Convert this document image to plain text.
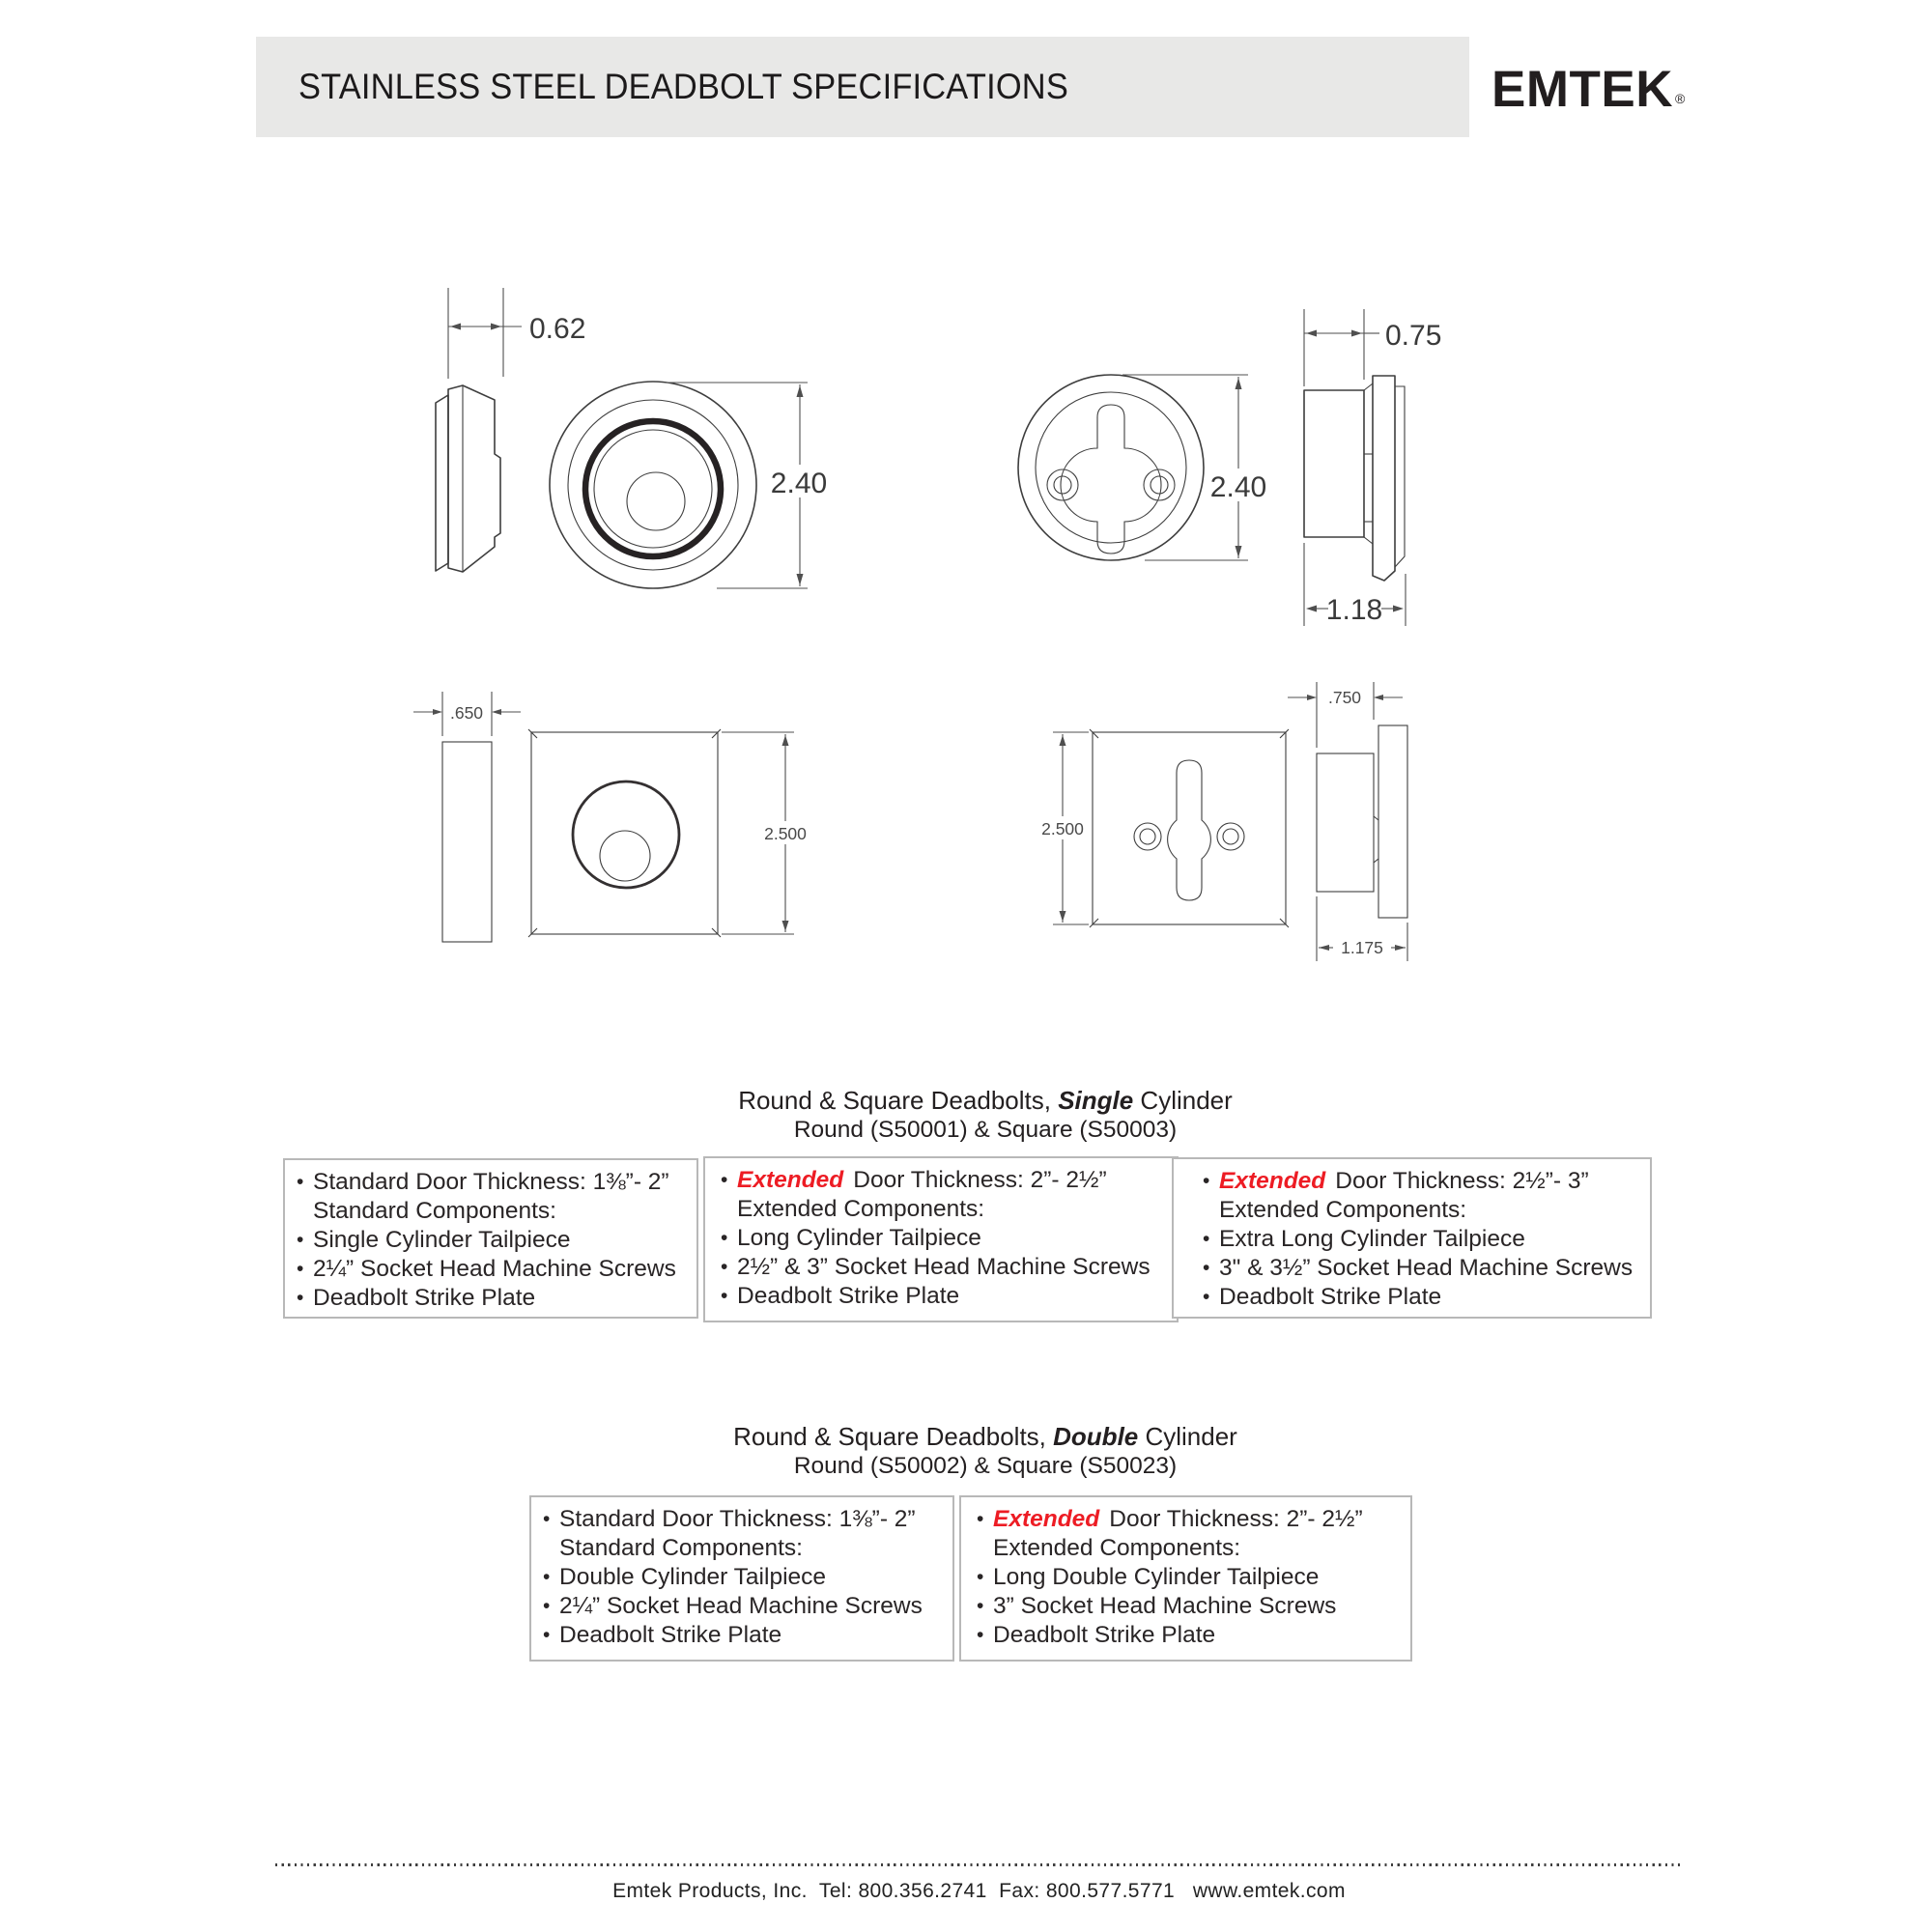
STAINLESS STEEL DEADBOLT SPECIFICATIONS	EMTEK ®
0.62
2.40
0.75
2.40
1.18
.650
2.500	2.500
.750
1.175
Round & Square Deadbolts, Single Cylinder
Round (S50001) & Square (S50003)
• Standard Door Thickness: 1⅜”- 2”
Standard Components:
• Single Cylinder Tailpiece
• 2¼” Socket Head Machine Screws
• Deadbolt Strike Plate
• Extended Door Thickness: 2”- 2½”
Extended Components:
• Long Cylinder Tailpiece
• 2½” & 3” Socket Head Machine Screws
• Deadbolt Strike Plate
• Extended Door Thickness: 2½”- 3”
Extended Components:
• Extra Long Cylinder Tailpiece
• 3" & 3½” Socket Head Machine Screws
• Deadbolt Strike Plate
Round & Square Deadbolts, Double Cylinder
Round (S50002) & Square (S50023)
• Standard Door Thickness: 1⅜”- 2”
Standard Components:
• Double Cylinder Tailpiece
• 2¼” Socket Head Machine Screws
• Deadbolt Strike Plate
• Extended Door Thickness: 2”- 2½”
Extended Components:
• Long Double Cylinder Tailpiece
• 3” Socket Head Machine Screws
• Deadbolt Strike Plate
Emtek Products, Inc.  Tel: 800.356.2741  Fax: 800.577.5771   www.emtek.com
